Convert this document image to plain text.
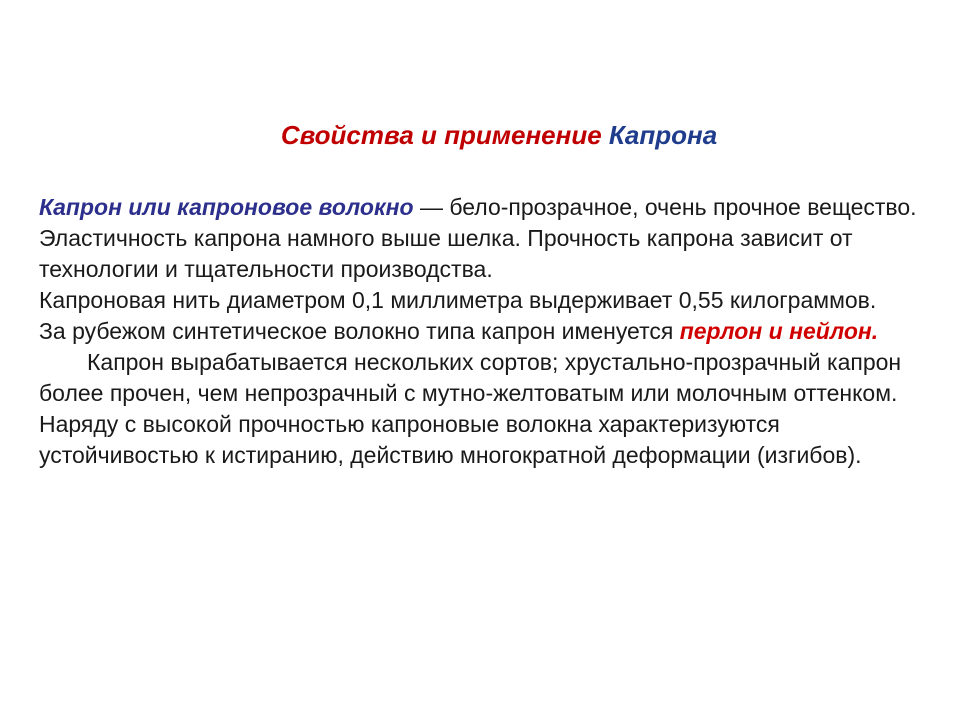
Свойства и применение Капрона

Капрон или капроновое волокно — бело-прозрачное, очень прочное вещество. Эластичность капрона намного выше шелка. Прочность капрона зависит от технологии и тщательности производства.

Капроновая нить диаметром 0,1 миллиметра выдерживает 0,55 килограммов.

За рубежом синтетическое волокно типа капрон именуется перлон и нейлон.

Капрон вырабатывается нескольких сортов; хрустально-прозрачный капрон более прочен, чем непрозрачный с мутно-желтоватым или молочным оттенком.

Наряду с высокой прочностью капроновые волокна характеризуются устойчивостью к истиранию, действию многократной деформации (изгибов).
